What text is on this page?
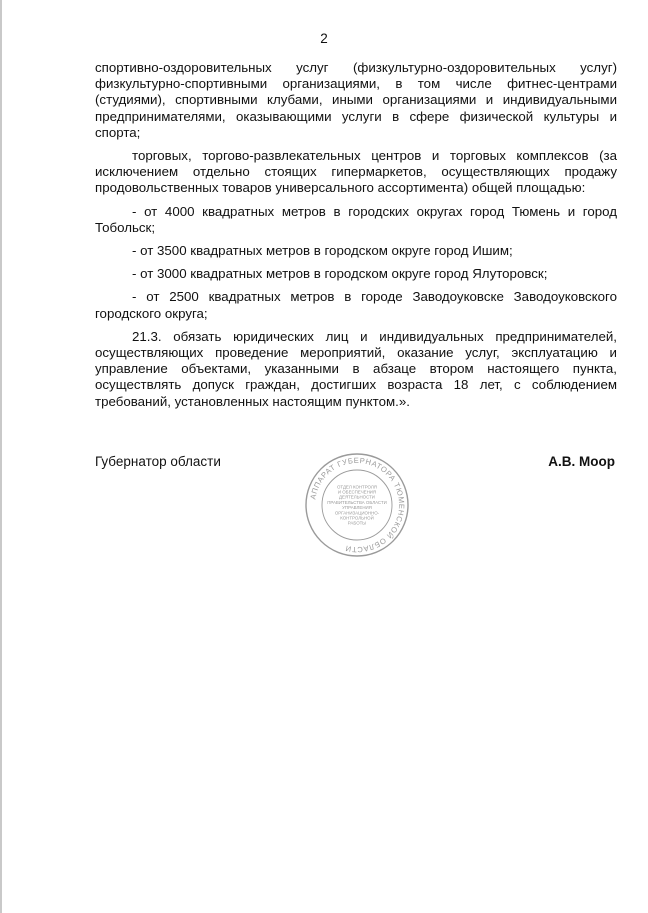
2

спортивно-оздоровительных услуг (физкультурно-оздоровительных услуг) физкультурно-спортивными организациями, в том числе фитнес-центрами (студиями), спортивными клубами, иными организациями и индивидуальными предпринимателями, оказывающими услуги в сфере физической культуры и спорта;

торговых, торгово-развлекательных центров и торговых комплексов (за исключением отдельно стоящих гипермаркетов, осуществляющих продажу продовольственных товаров универсального ассортимента) общей площадью:

- от 4000 квадратных метров в городских округах город Тюмень и город Тобольск;

- от 3500 квадратных метров в городском округе город Ишим;

- от 3000 квадратных метров в городском округе город Ялуторовск;

- от 2500 квадратных метров в городе Заводоуковске Заводоуковского городского округа;

21.3. обязать юридических лиц и индивидуальных предпринимателей, осуществляющих проведение мероприятий, оказание услуг, эксплуатацию и управление объектами, указанными в абзаце втором настоящего пункта, осуществлять допуск граждан, достигших возраста 18 лет, с соблюдением требований, установленных настоящим пунктом.».

Губернатор области	А.В. Моор
АППАРАТ ГУБЕРНАТОРА ТЮМЕНСКОЙ ОБЛАСТИ
ОТДЕЛ КОНТРОЛЯ
И ОБЕСПЕЧЕНИЯ
ДЕЯТЕЛЬНОСТИ
ПРАВИТЕЛЬСТВА ОБЛАСТИ
УПРАВЛЕНИЯ
ОРГАНИЗАЦИОННО-
КОНТРОЛЬНОЙ
РАБОТЫ
